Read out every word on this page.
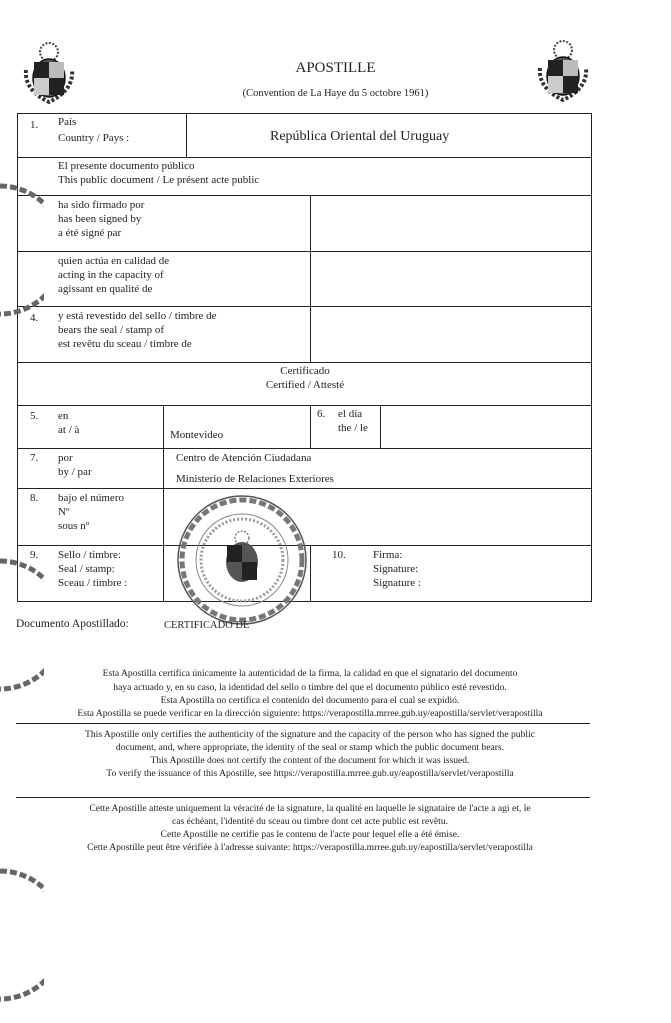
APOSTILLE
(Convention de La Haye du 5 octobre 1961)
1. País
Country / Pays :	República Oriental del Uruguay
El presente documento público
This public document / Le présent acte public
ha sido firmado por
has been signed by
a été signé par
quien actúa en calidad de
acting in the capacity of
agissant en qualité de
4. y está revestido del sello / timbre de
bears the seal / stamp of
est revêtu du sceau / timbre de
Certificado
Certified / Attesté
5. en
at / à	Montevideo
6. el día
the / le
7. por
by / par
Centro de Atención Ciudadana
Ministerio de Relaciones Exteriores
8. bajo el número
Nº
sous nº
9. Sello / timbre:
Seal / stamp:
Sceau / timbre :
10. Firma:
Signature:
Signature :
Documento Apostillado:	CERTIFICADO DE
Esta Apostilla certifica únicamente la autenticidad de la firma, la calidad en que el signatario del documento
haya actuado y, en su caso, la identidad del sello o timbre del que el documento público esté revestido.
Esta Apostilla no certifica el contenido del documento para el cual se expidió.
Esta Apostilla se puede verificar en la dirección siguiente: https://verapostilla.mrree.gub.uy/eapostilla/servlet/verapostilla
This Apostille only certifies the authenticity of the signature and the capacity of the person who has signed the public
document, and, where appropriate, the identity of the seal or stamp which the public document bears.
This Apostille does not certify the content of the document for which it was issued.
To verify the issuance of this Apostille, see https://verapostilla.mrree.gub.uy/eapostilla/servlet/verapostilla
Cette Apostille atteste uniquement la véracité de la signature, la qualité en laquelle le signataire de l'acte a agi et, le
cas échéant, l'identité du sceau ou timbre dont cet acte public est revêtu.
Cette Apostille ne certifie pas le contenu de l'acte pour lequel elle a été émise.
Cette Apostille peut être vérifiée à l'adresse suivante: https://verapostilla.mrree.gub.uy/eapostilla/servlet/verapostilla
